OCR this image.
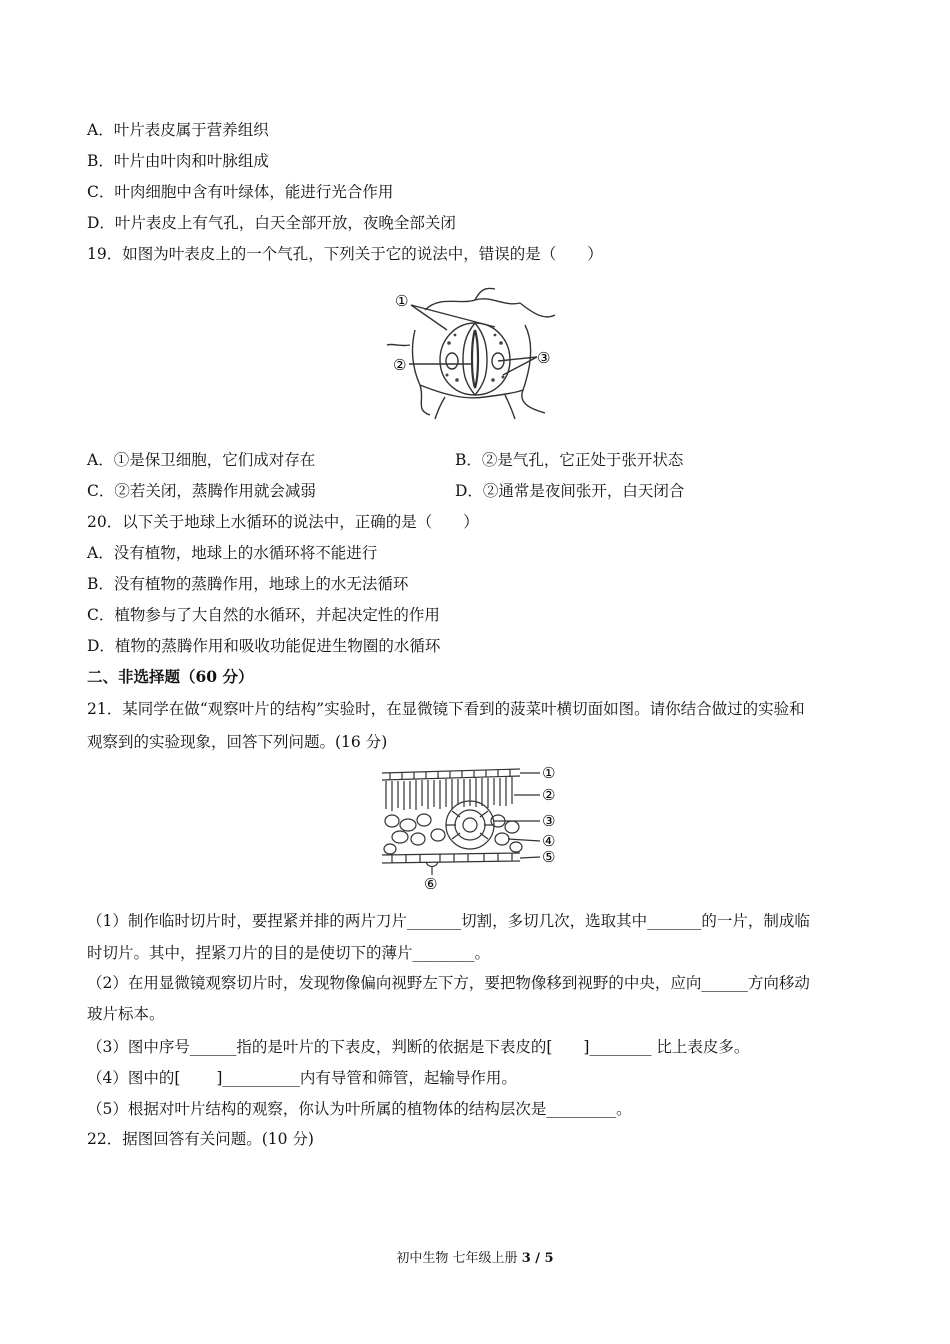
A．叶片表皮属于营养组织
B．叶片由叶肉和叶脉组成
C．叶肉细胞中含有叶绿体，能进行光合作用
D．叶片表皮上有气孔，白天全部开放，夜晚全部关闭
19．如图为叶表皮上的一个气孔，下列关于它的说法中，错误的是（　　）
①
②	③
A．①是保卫细胞，它们成对存在	B．②是气孔，它正处于张开状态
C．②若关闭，蒸腾作用就会减弱	D．②通常是夜间张开，白天闭合
20．以下关于地球上水循环的说法中，正确的是（　　）
A．没有植物，地球上的水循环将不能进行
B．没有植物的蒸腾作用，地球上的水无法循环
C．植物参与了大自然的水循环，并起决定性的作用
D．植物的蒸腾作用和吸收功能促进生物圈的水循环
二、非选择题（60 分）
21．某同学在做“观察叶片的结构”实验时，在显微镜下看到的菠菜叶横切面如图。请你结合做过的实验和
观察到的实验现象，回答下列问题。(16 分)
①
②
③
④
⑤
⑥
（1）制作临时切片时，要捏紧并排的两片刀片_______切割，多切几次，选取其中_______的一片，制成临
时切片。其中，捏紧刀片的目的是使切下的薄片________。
（2）在用显微镜观察切片时，发现物像偏向视野左下方，要把物像移到视野的中央，应向______方向移动
玻片标本。
（3）图中序号______指的是叶片的下表皮，判断的依据是下表皮的[　　]________ 比上表皮多。
（4）图中的[　　 ]__________内有导管和筛管，起输导作用。
（5）根据对叶片结构的观察，你认为叶所属的植物体的结构层次是_________。
22．据图回答有关问题。(10 分)
初中生物 七年级上册 3 / 5
